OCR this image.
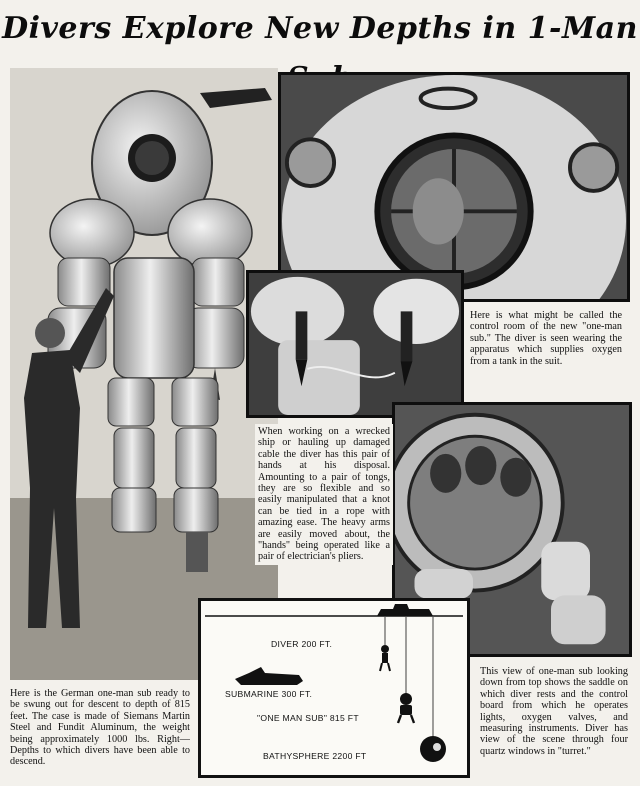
Divers Explore New Depths in 1-Man
Here is what might be called the control room of the new "one-man sub." The diver is seen wearing the apparatus which supplies oxygen from a tank in the suit.
When working on a wrecked ship or hauling up damaged cable the diver has this pair of hands at his disposal. Amounting to a pair of tongs, they are so flexible and so easily manipulated that a knot can be tied in a rope with amazing ease. The heavy arms are easily moved about, the "hands" being operated like a pair of electrician's pliers.
Here is the German one-man sub ready to be swung out for descent to depth of 815 feet. The case is made of Siemans Martin Steel and Fundit Aluminum, the weight being approximately 1000 lbs. Right—Depths to which divers have been able to descend.
This view of one-man sub looking down from top shows the saddle on which diver rests and the control board from which he operates lights, oxygen valves, and measuring instruments. Diver has view of the scene through four quartz windows in "turret."
DIVER 200 FT.
SUBMARINE 300 FT.
"ONE MAN SUB" 815 FT
BATHYSPHERE 2200 FT
